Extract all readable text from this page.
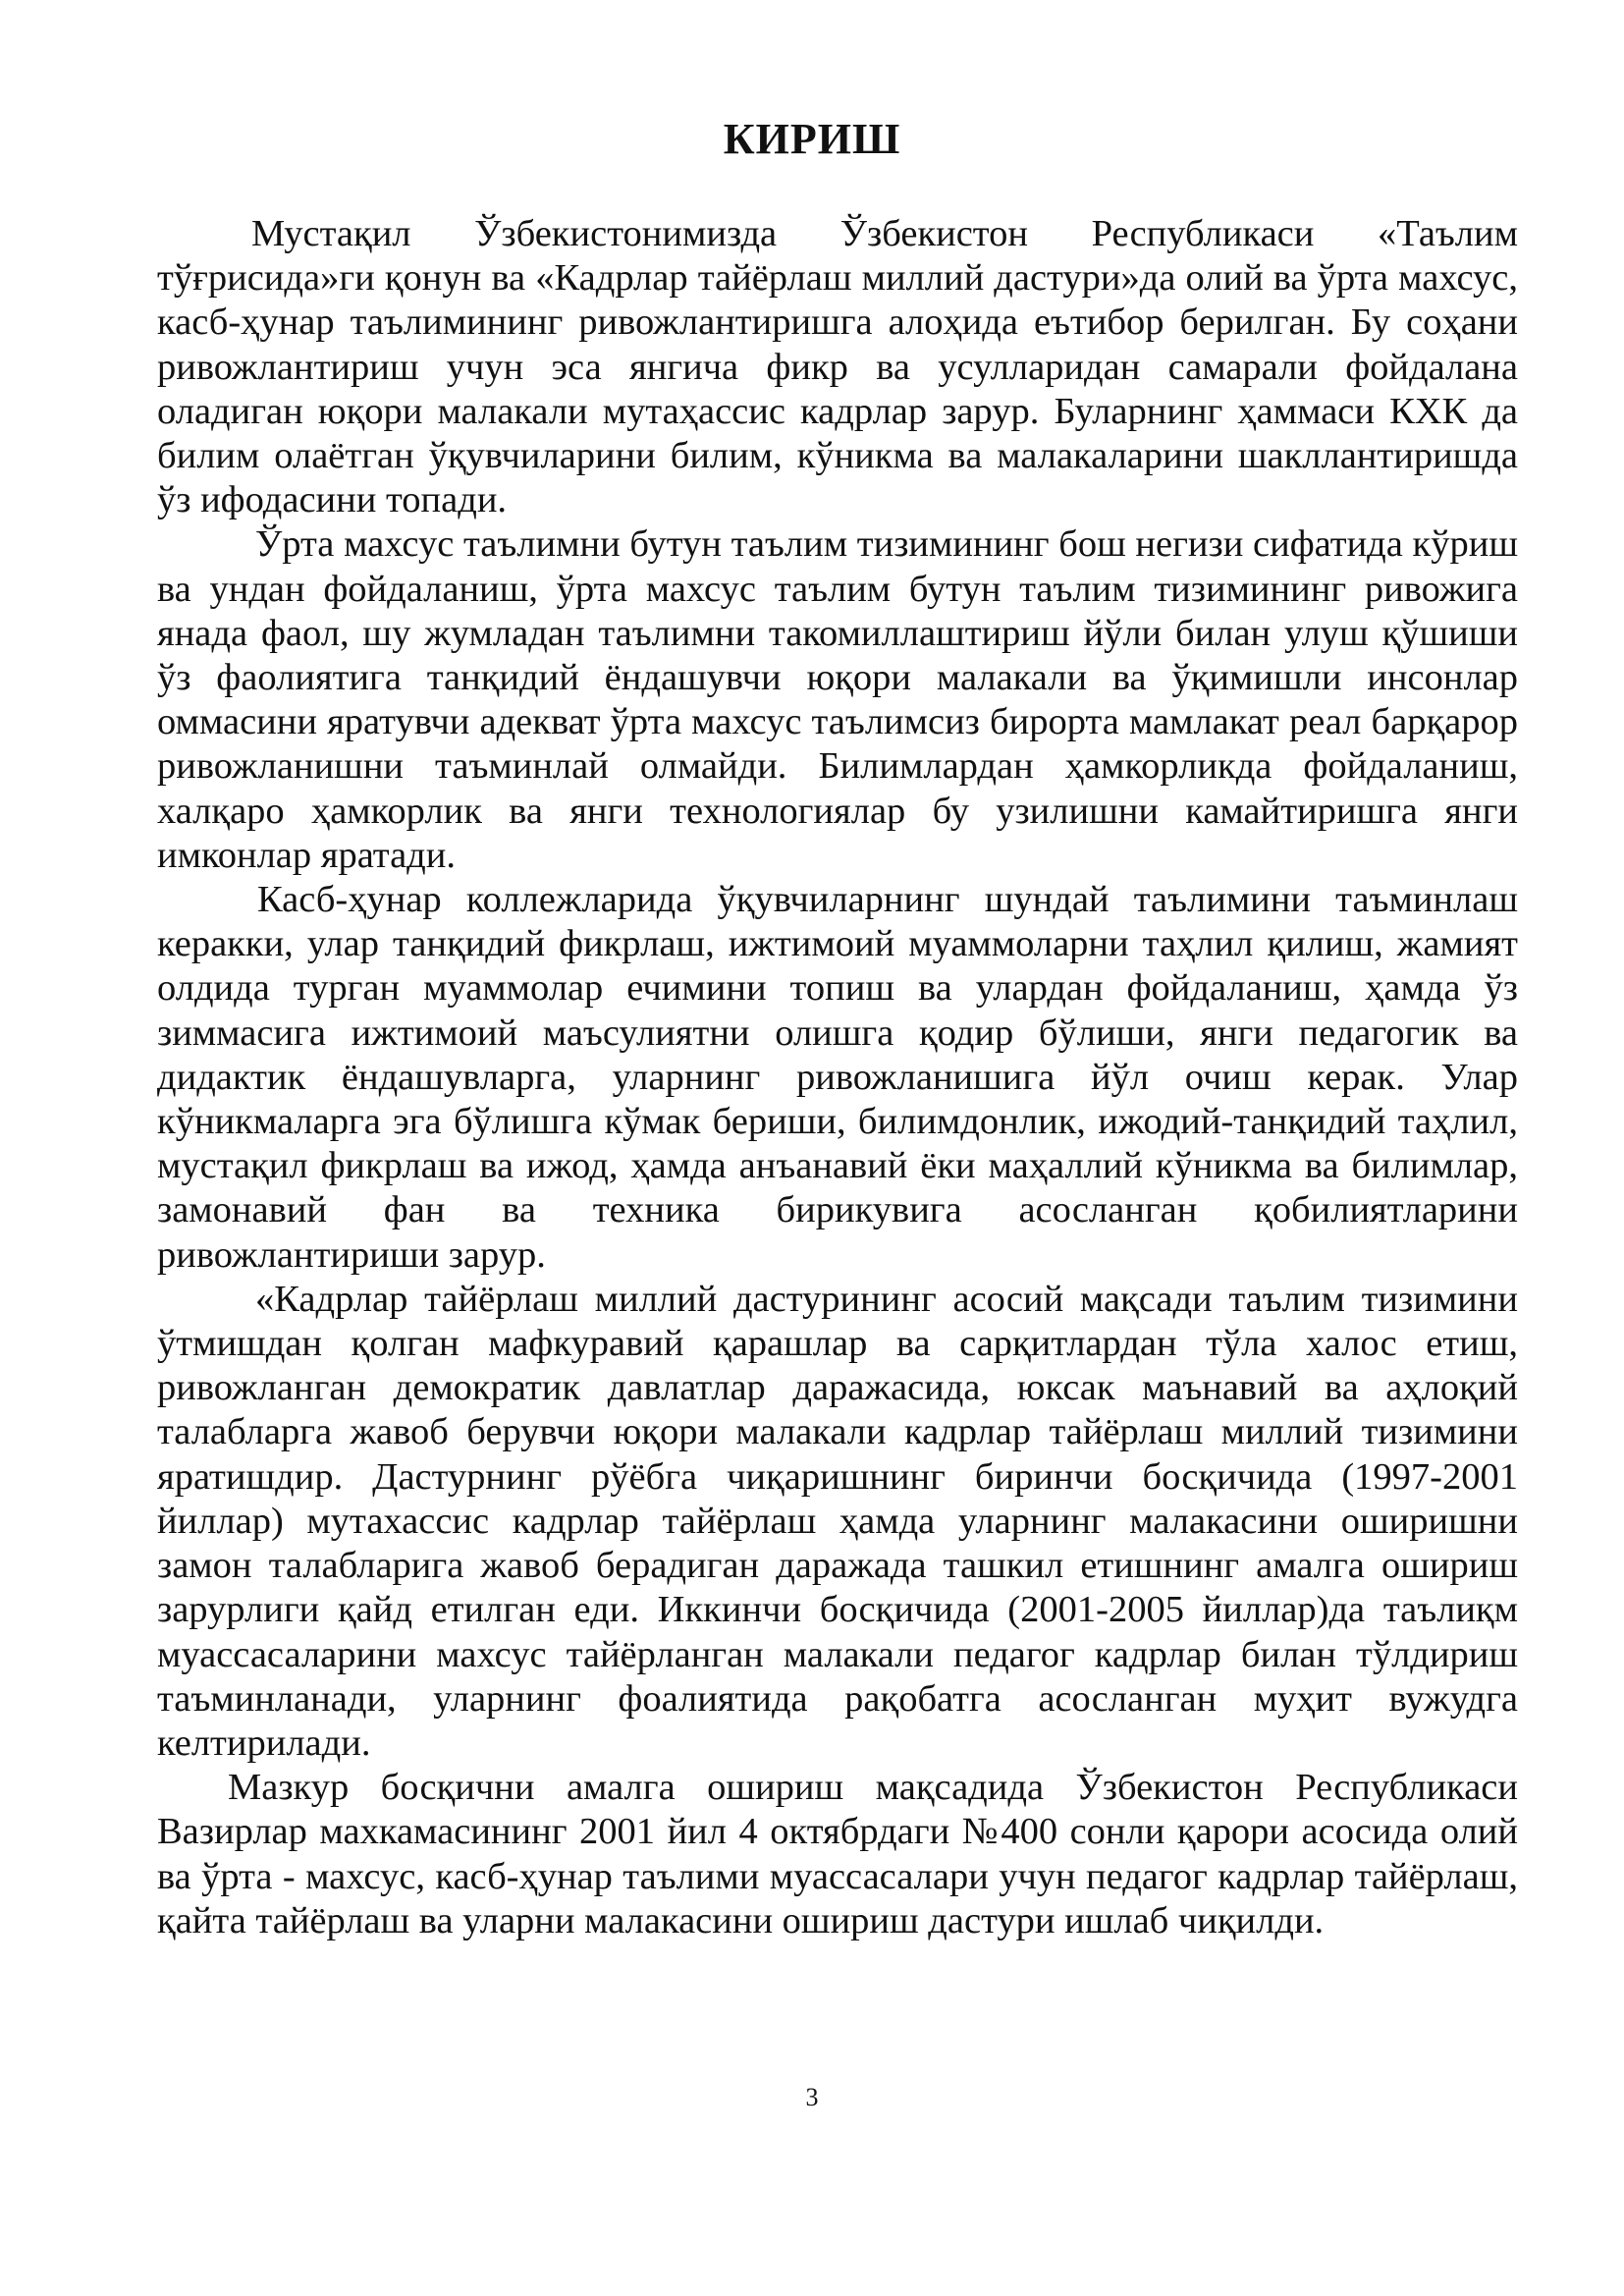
КИРИШ

Мустақил Ўзбекистонимизда Ўзбекистон Республикаси «Таълим тўғрисида»ги қонун ва «Кадрлар тайёрлаш миллий дастури»да олий ва ўрта махсус, касб-ҳунар таълимининг ривожлантиришга алоҳида еътибор берилган. Бу соҳани ривожлантириш учун эса янгича фикр ва усулларидан самарали фойдалана оладиган юқори малакали мутаҳассис кадрлар зарур. Буларнинг ҳаммаси КХК да билим олаётган ўқувчиларини билим, кўникма ва малакаларини шакллантиришда ўз ифодасини топади.

Ўрта махсус таълимни бутун таълим тизимининг бош негизи сифатида кўриш ва ундан фойдаланиш, ўрта махсус таълим бутун таълим тизимининг ривожига янада фаол, шу жумладан таълимни такомиллаштириш йўли билан улуш қўшиши ўз фаолиятига танқидий ёндашувчи юқори малакали ва ўқимишли инсонлар оммасини яратувчи адекват ўрта махсус таълимсиз бирорта мамлакат реал барқарор ривожланишни таъминлай олмайди. Билимлардан ҳамкорликда фойдаланиш, халқаро ҳамкорлик ва янги технологиялар бу узилишни камайтиришга янги имконлар яратади.

Касб-ҳунар коллежларида ўқувчиларнинг шундай таълимини таъминлаш керакки, улар танқидий фикрлаш, ижтимоий муаммоларни таҳлил қилиш, жамият олдида турган муаммолар ечимини топиш ва улардан фойдаланиш, ҳамда ўз зиммасига ижтимоий маъсулиятни олишга қодир бўлиши, янги педагогик ва дидактик ёндашувларга, уларнинг ривожланишига йўл очиш керак. Улар кўникмаларга эга бўлишга кўмак бериши, билимдонлик, ижодий-танқидий таҳлил, мустақил фикрлаш ва ижод, ҳамда анъанавий ёки маҳаллий кўникма ва билимлар, замонавий фан ва техника бирикувига асосланган қобилиятларини ривожлантириши зарур.

«Кадрлар тайёрлаш миллий дастурининг асосий мақсади таълим тизимини ўтмишдан қолган мафкуравий қарашлар ва сарқитлардан тўла халос етиш, ривожланган демократик давлатлар даражасида, юксак маънавий ва аҳлоқий талабларга жавоб берувчи юқори малакали кадрлар тайёрлаш миллий тизимини яратишдир. Дастурнинг рўёбга чиқаришнинг биринчи босқичида (1997-2001 йиллар) мутахассис кадрлар тайёрлаш ҳамда уларнинг малакасини оширишни замон талабларига жавоб берадиган даражада ташкил етишнинг амалга ошириш зарурлиги қайд етилган еди. Иккинчи босқичида (2001-2005 йиллар)да таълиқм муассасаларини махсус тайёрланган малакали педагог кадрлар билан тўлдириш таъминланади, уларнинг фоалиятида рақобатга асосланган муҳит вужудга келтирилади.

Мазкур босқични амалга ошириш мақсадида Ўзбекистон Республикаси Вазирлар махкамасининг 2001 йил 4 октябрдаги №400 сонли қарори асосида олий ва ўрта - махсус, касб-ҳунар таълими муассасалари учун педагог кадрлар тайёрлаш, қайта тайёрлаш ва уларни малакасини ошириш дастури ишлаб чиқилди.

3
